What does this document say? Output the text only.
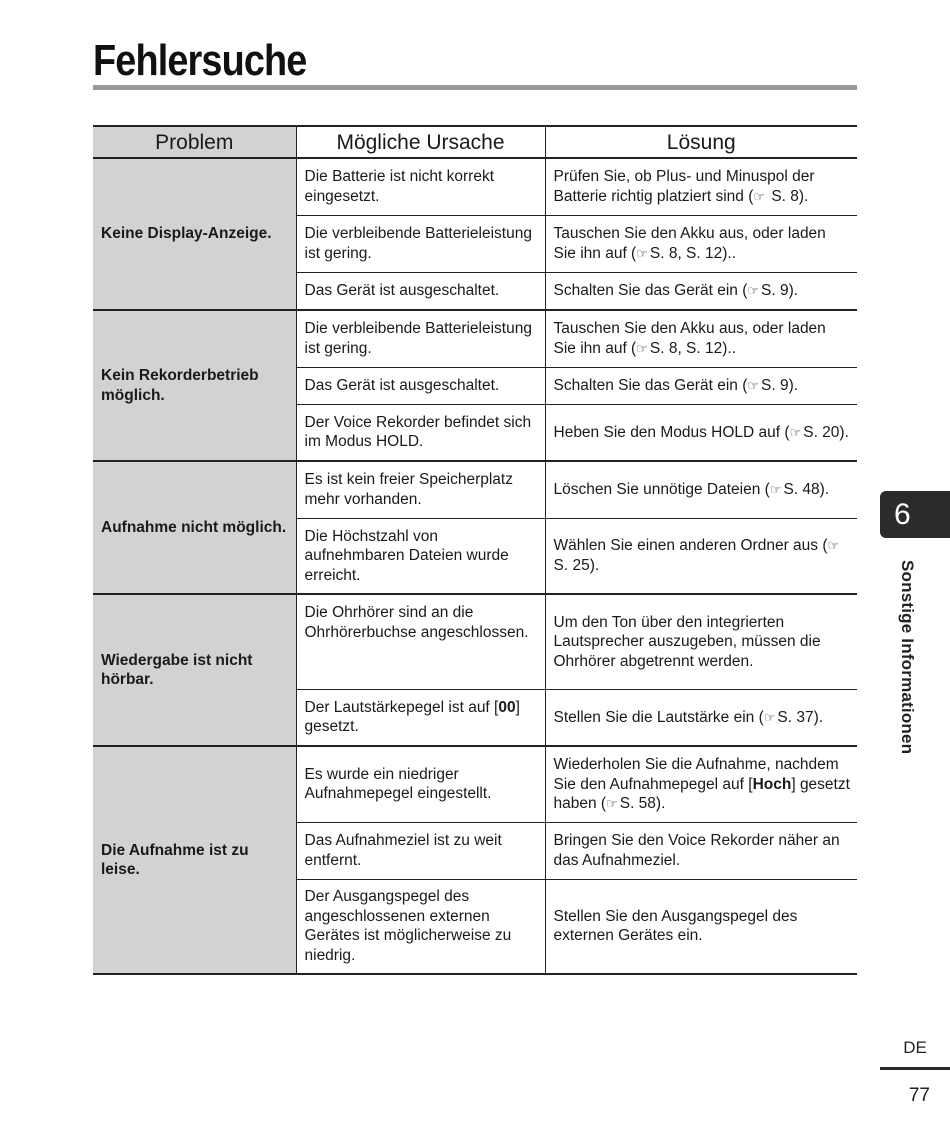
Fehlersuche
Problem	Mögliche Ursache	Lösung
Keine Display-Anzeige.	Die Batterie ist nicht korrekt eingesetzt.	Prüfen Sie, ob Plus- und Minuspol der Batterie richtig platziert sind (☞ S. 8).
	Die verbleibende Batterieleistung ist gering.	Tauschen Sie den Akku aus, oder laden Sie ihn auf (☞ S. 8, S. 12)..
	Das Gerät ist ausgeschaltet.	Schalten Sie das Gerät ein (☞ S. 9).
Kein Rekorderbetrieb möglich.	Die verbleibende Batterieleistung ist gering.	Tauschen Sie den Akku aus, oder laden Sie ihn auf (☞ S. 8, S. 12)..
	Das Gerät ist ausgeschaltet.	Schalten Sie das Gerät ein (☞ S. 9).
	Der Voice Rekorder befindet sich im Modus HOLD.	Heben Sie den Modus HOLD auf (☞ S. 20).
Aufnahme nicht möglich.	Es ist kein freier Speicherplatz mehr vorhanden.	Löschen Sie unnötige Dateien (☞ S. 48).
	Die Höchstzahl von aufnehmbaren Dateien wurde erreicht.	Wählen Sie einen anderen Ordner aus (☞S. 25).
Wiedergabe ist nicht hörbar.	Die Ohrhörer sind an die Ohrhörerbuchse angeschlossen.	Um den Ton über den integrierten Lautsprecher auszugeben, müssen die Ohrhörer abgetrennt werden.
	Der Lautstärkepegel ist auf [00] gesetzt.	Stellen Sie die Lautstärke ein (☞ S. 37).
Die Aufnahme ist zu leise.	Es wurde ein niedriger Aufnahmepegel eingestellt.	Wiederholen Sie die Aufnahme, nachdem Sie den Aufnahmepegel auf [Hoch] gesetzt haben (☞ S. 58).
	Das Aufnahmeziel ist zu weit entfernt.	Bringen Sie den Voice Rekorder näher an das Aufnahmeziel.
	Der Ausgangspegel des angeschlossenen externen Gerätes ist möglicherweise zu niedrig.	Stellen Sie den Ausgangspegel des externen Gerätes ein.
6
Sonstige Informationen
DE
77
